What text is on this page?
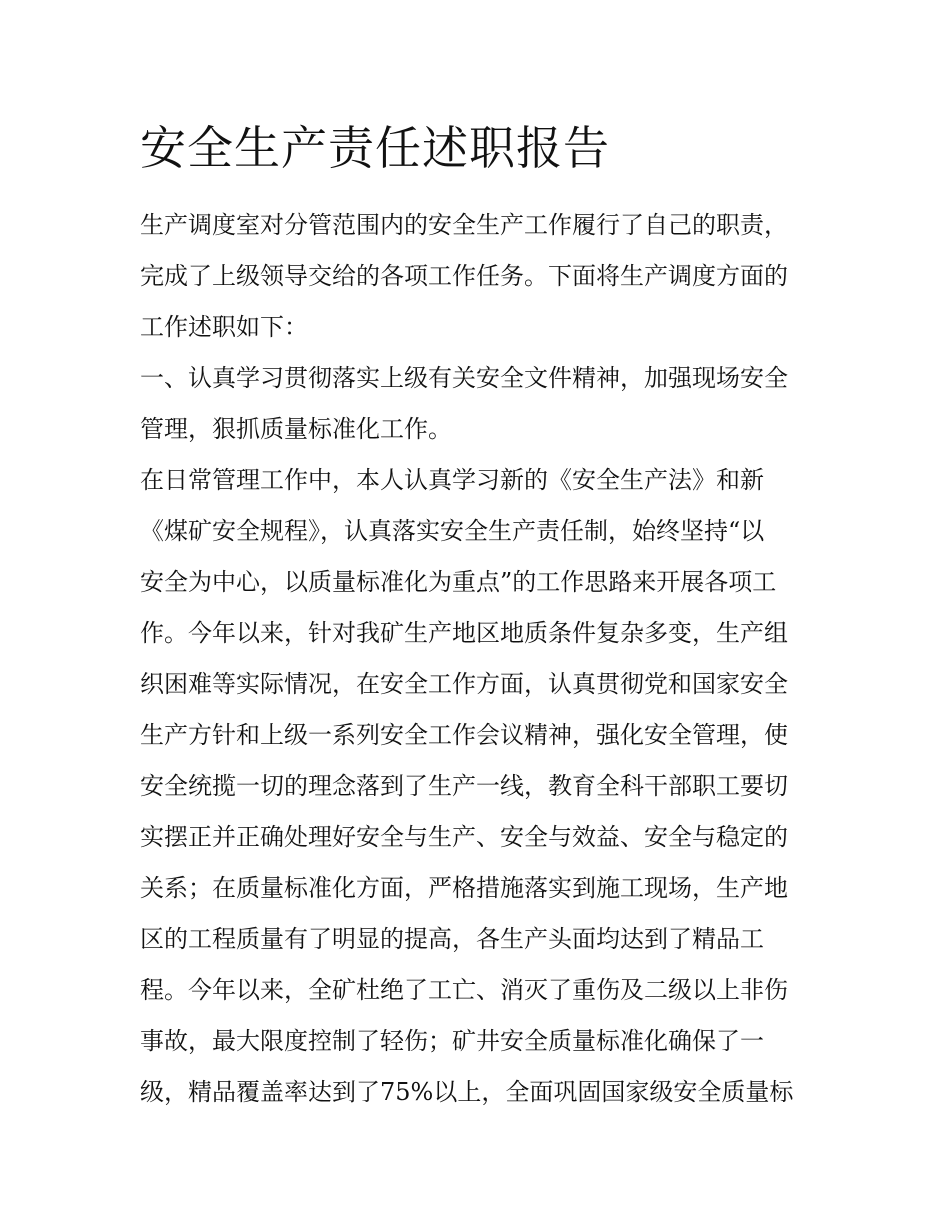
安全生产责任述职报告
生产调度室对分管范围内的安全生产工作履行了自己的职责，
完成了上级领导交给的各项工作任务。下面将生产调度方面的
工作述职如下：
一、认真学习贯彻落实上级有关安全文件精神，加强现场安全
管理，狠抓质量标准化工作。
在日常管理工作中，本人认真学习新的《安全生产法》和新
《煤矿安全规程》，认真落实安全生产责任制，始终坚持“以
安全为中心，以质量标准化为重点”的工作思路来开展各项工
作。今年以来，针对我矿生产地区地质条件复杂多变，生产组
织困难等实际情况，在安全工作方面，认真贯彻党和国家安全
生产方针和上级一系列安全工作会议精神，强化安全管理，使
安全统揽一切的理念落到了生产一线，教育全科干部职工要切
实摆正并正确处理好安全与生产、安全与效益、安全与稳定的
关系；在质量标准化方面，严格措施落实到施工现场，生产地
区的工程质量有了明显的提高，各生产头面均达到了精品工
程。今年以来，全矿杜绝了工亡、消灭了重伤及二级以上非伤
事故，最大限度控制了轻伤；矿井安全质量标准化确保了一
级，精品覆盖率达到了75%以上，全面巩固国家级安全质量标
